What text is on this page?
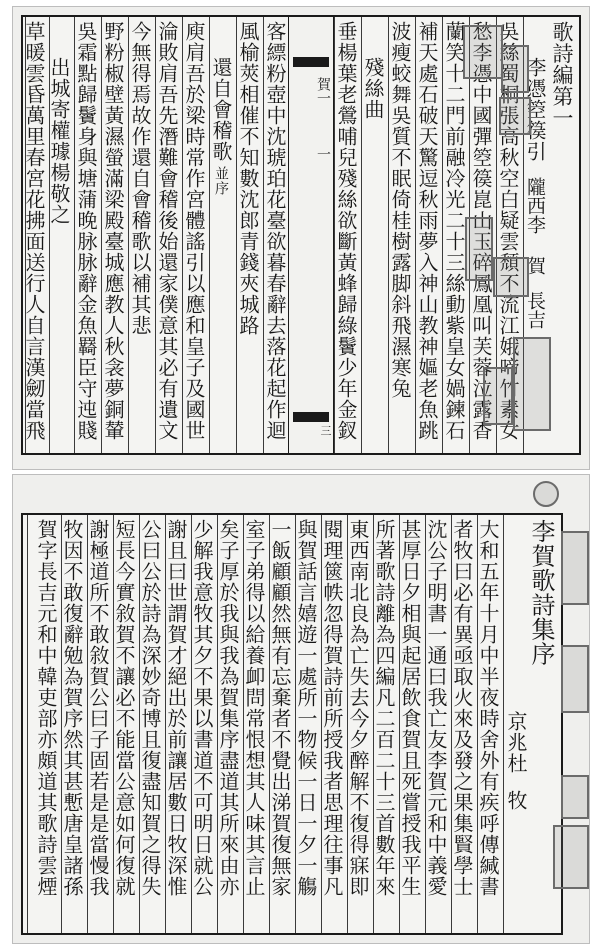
歌詩編第一
李憑箜篌引
吳絲蜀桐張高秋空白疑雲頹不流江娥啼竹素女
愁李憑中國彈箜篌崑山玉碎鳳凰叫芙蓉泣露香
蘭笑十二門前融冷光二十三絲動紫皇女媧鍊石
補天處石破天驚逗秋雨夢入神山教神嫗老魚跳
波瘦蛟舞吳質不眠倚桂樹露脚斜飛濕寒兔
殘絲曲
垂楊葉老鶯哺兒殘絲欲斷黃蜂歸綠鬢少年金釵	隴西李賀長吉
賀一
一
三
客縹粉壺中沈琥珀花臺欲暮春辭去落花起作迴
風榆莢相催不知數沈郎青錢夾城路
還自會稽歌並序
庾肩吾於梁時常作宮體謠引以應和皇子及國世
淪敗肩吾先潛難會稽後始還家僕意其必有遺文
今無得焉故作還自會稽歌以補其悲
野粉椒壁黃濕螢滿梁殿臺城應教人秋衾夢銅輦
吳霜點歸鬢身與塘蒲晚脉脉辭金魚羇臣守迍賤
出城寄權璩楊敬之
草暖雲昏萬里春宮花拂面送行人自言漢劒當飛
李賀歌詩集序
京兆杜牧
大和五年十月中半夜時舍外有疾呼傳緘書
者牧曰必有異亟取火來及發之果集賢學士
沈公子明書一通曰我亡友李賀元和中義愛
甚厚日夕相與起居飲食賀且死嘗授我平生
所著歌詩離為四編凡二百二十三首數年來
東西南北良為亡失去今夕醉解不復得寐即
閱理篋帙忽得賀詩前所授我者思理往事凡
與賀話言嬉遊一處所一物候一日一夕一觴
一飯顧顧然無有忘棄者不覺出涕賀復無家
室子弟得以給養卹問常恨想其人味其言止
矣子厚於我與我為賀集序盡道其所來由亦
少解我意牧其夕不果以書道不可明日就公
謝且曰世謂賀才絕出於前讓居數日牧深惟
公曰公於詩為深妙奇博且復盡知賀之得失
短長今實敘賀不讓必不能當公意如何復就
謝極道所不敢敘賀公曰子固若是是當慢我
牧因不敢復辭勉為賀序然其甚慙唐皇諸孫
賀字長吉元和中韓吏部亦頗道其歌詩雲煙
